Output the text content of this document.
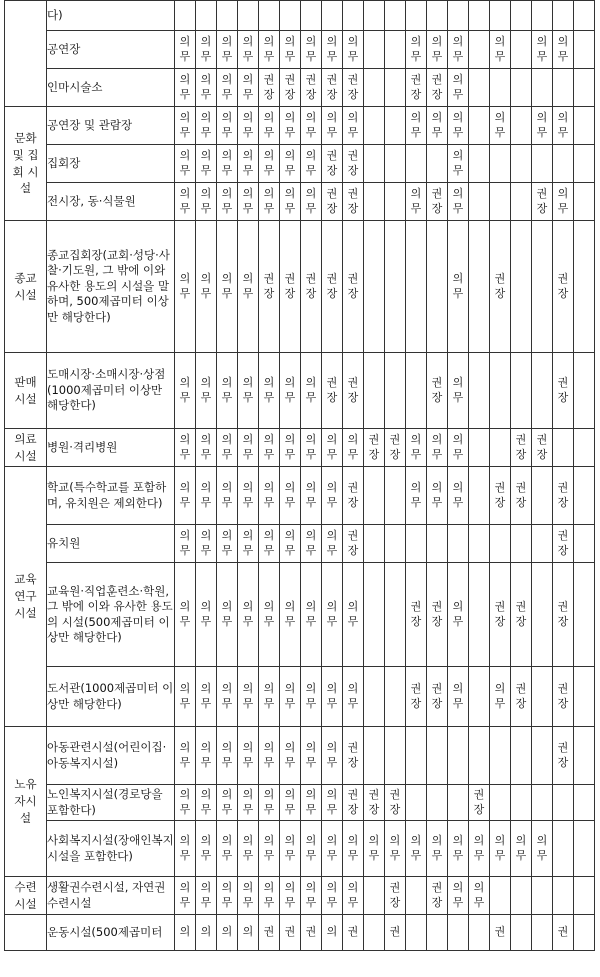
	다)																				
	공연장	의무	의무	의무	의무	의무	의무	의무	의무	의무			의무	의무	의무		의무		의무	의무	
	인마시술소	의무	의무	의무	의무	권장	권장	권장	권장	권장			권장	권장	의무						
문화 및 집회 시설	공연장 및 관람장	의무	의무	의무	의무	의무	의무	의무	의무	의무			의무	의무	의무		의무		의무	의무	
	집회장	의무	의무	의무	의무	의무	의무	의무	권장	권장					의무						
	전시장, 동·식물원	의무	의무	의무	의무	의무	의무	의무	권장	권장			의무	권장	의무				권장	의무	
종교 시설	종교집회장(교회·성당·사찰·기도원, 그 밖에 이와 유사한 용도의 시설을 말하며, 500제곱미터 이상만 해당한다)	의무	의무	의무	의무	권장	권장	권장	권장	권장					의무		권장			권장	
판매 시설	도매시장·소매시장·상점(1000제곱미터 이상만 해당한다)	의무	의무	의무	의무	의무	의무	의무	권장	권장				권장	의무					권장	
의료 시설	병원·격리병원	의무	의무	의무	의무	의무	의무	의무	의무	의무	권장	권장	의무	의무	의무			권장	권장		
교육 연구 시설	학교(특수학교를 포함하며, 유치원은 제외한다)	의무	의무	의무	의무	의무	의무	의무	의무	권장			의무	의무	의무		권장	권장		권장	
	유치원	의무	의무	의무	의무	의무	의무	의무	의무	권장										권장	
	교육원·직업훈련소·학원, 그 밖에 이와 유사한 용도의 시설(500제곱미터 이상만 해당한다)	의무	의무	의무	의무	의무	의무	의무	의무	의무			권장	권장	의무		권장	권장		권장	
	도서관(1000제곱미터 이상만 해당한다)	의무	의무	의무	의무	의무	의무	의무	의무	의무			권장	권장	의무		의무	권장		권장	
노유 자시 설	아동관련시설(어린이집·아동복지시설)	의무	의무	의무	의무	의무	의무	의무	의무	권장										권장	
	노인복지시설(경로당을 포함한다)	의무	의무	의무	의무	의무	의무	의무	의무	권장	권장	권장				권장					
	사회복지시설(장애인복지시설을 포함한다)	의무	의무	의무	의무	의무	의무	의무	의무	의무	의무	의무	의무	의무	의무	의무	의무	의무	의무		
수련 시설	생활권수련시설, 자연권수련시설	의무	의무	의무	의무	의무	의무	의무	의무	의무		권장		권장	의무	의무					
	운동시설(500제곱미터	의	의	의	의	권	권	권	의	권		권					권			권	
